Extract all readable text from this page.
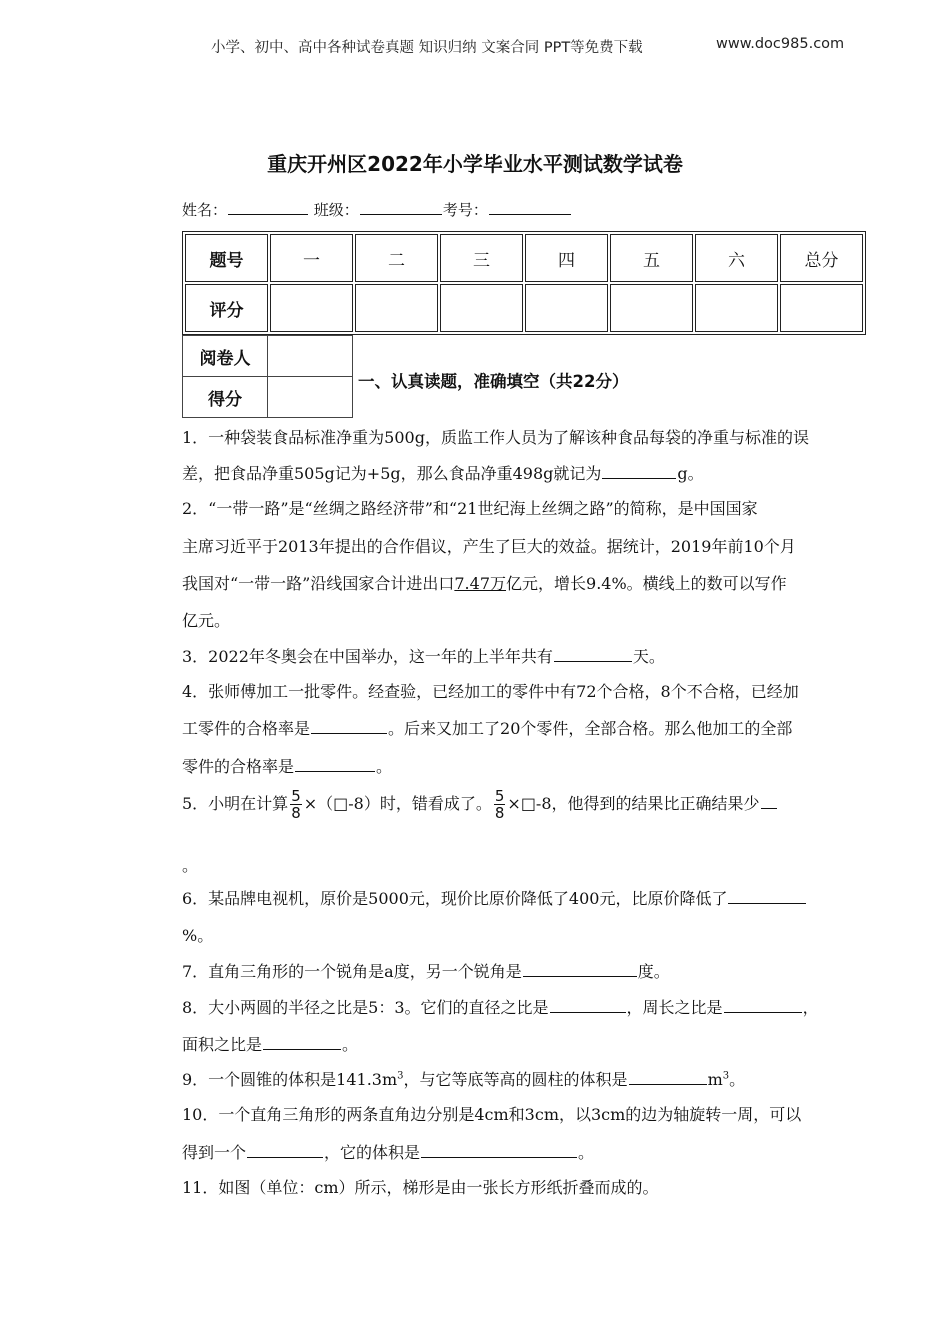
小学、初中、高中各种试卷真题 知识归纳 文案合同 PPT等免费下载	www.doc985.com
重庆开州区2022年小学毕业水平测试数学试卷
姓名：	班级：	考号：
题号	一	二	三	四	五	六	总分
评分							
阅卷人	
得分	
一、认真读题，准确填空（共22分）
1．一种袋装食品标准净重为500g，质监工作人员为了解该种食品每袋的净重与标准的误
差，把食品净重505g记为+5g，那么食品净重498g就记为	g。
2．“一带一路”是“丝绸之路经济带”和“21世纪海上丝绸之路”的简称，是中国国家
主席习近平于2013年提出的合作倡议，产生了巨大的效益。据统计，2019年前10个月
我国对“一带一路”沿线国家合计进出口7.47万亿元，增长9.4%。横线上的数可以写作
亿元。
3．2022年冬奥会在中国举办，这一年的上半年共有	天。
4．张师傅加工一批零件。经查验，已经加工的零件中有72个合格，8个不合格，已经加
工零件的合格率是	。后来又加工了20个零件，全部合格。那么他加工的全部
零件的合格率是	。
5．小明在计算 $\frac{5}{8}$ ×（□-8）时，错看成了。 $\frac{5}{8}$ ×□-8，他得到的结果比正确结果少
。
6．某品牌电视机，原价是5000元，现价比原价降低了400元，比原价降低了
%。
7．直角三角形的一个锐角是a度，另一个锐角是	度。
8．大小两圆的半径之比是5：3。它们的直径之比是	，周长之比是	，
面积之比是	。
9．一个圆锥的体积是$141.3m^3$，与它等底等高的圆柱的体积是	$m^3$。
10．一个直角三角形的两条直角边分别是4cm和3cm，以3cm的边为轴旋转一周，可以
得到一个	，它的体积是	。
11．如图（单位：cm）所示，梯形是由一张长方形纸折叠而成的。
